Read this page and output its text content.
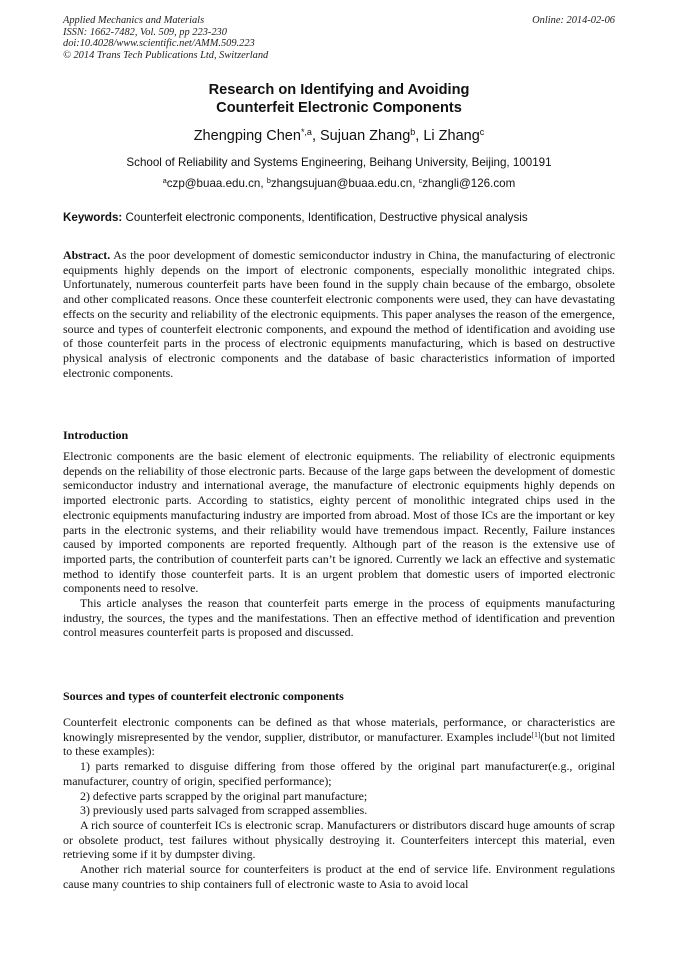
Applied Mechanics and Materials
ISSN: 1662-7482, Vol. 509, pp 223-230
doi:10.4028/www.scientific.net/AMM.509.223
© 2014 Trans Tech Publications Ltd, Switzerland
Online: 2014-02-06
Research on Identifying and Avoiding
Counterfeit Electronic Components
Zhengping Chen$^{*,a}$, Sujuan Zhang$^b$, Li Zhang$^c$
School of Reliability and Systems Engineering, Beihang University, Beijing, 100191
$^a$czp@buaa.edu.cn, $^b$zhangsujuan@buaa.edu.cn, $^c$zhangli@126.com
Keywords: Counterfeit electronic components, Identification, Destructive physical analysis

Abstract. As the poor development of domestic semiconductor industry in China, the manufacturing of electronic equipments highly depends on the import of electronic components, especially monolithic integrated chips. Unfortunately, numerous counterfeit parts have been found in the supply chain because of the embargo, obsolete and other complicated reasons. Once these counterfeit electronic components were used, they can have devastating effects on the security and reliability of the electronic equipments. This paper analyses the reason of the emergence, source and types of counterfeit electronic components, and expound the method of identification and avoiding use of those counterfeit parts in the process of electronic equipments manufacturing, which is based on destructive physical analysis of electronic components and the database of basic characteristics information of imported electronic components.

Introduction

Electronic components are the basic element of electronic equipments. The reliability of electronic equipments depends on the reliability of those electronic parts. Because of the large gaps between the development of domestic semiconductor industry and international average, the manufacture of electronic equipments highly depends on imported electronic parts. According to statistics, eighty percent of monolithic integrated chips used in the electronic equipments manufacturing industry are imported from abroad. Most of those ICs are the important or key parts in the electronic systems, and their reliability would have tremendous impact. Recently, Failure instances caused by imported components are reported frequently. Although part of the reason is the extensive use of imported parts, the contribution of counterfeit parts can’t be ignored. Currently we lack an effective and systematic method to identify those counterfeit parts. It is an urgent problem that domestic users of imported electronic components need to resolve.

This article analyses the reason that counterfeit parts emerge in the process of equipments manufacturing industry, the sources, the types and the manifestations. Then an effective method of identification and prevention control measures counterfeit parts is proposed and discussed.

Sources and types of counterfeit electronic components

Counterfeit electronic components can be defined as that whose materials, performance, or characteristics are knowingly misrepresented by the vendor, supplier, distributor, or manufacturer. Examples include[1](but not limited to these examples):

1) parts remarked to disguise differing from those offered by the original part manufacturer(e.g., original manufacturer, country of origin, specified performance);

2) defective parts scrapped by the original part manufacture;

3) previously used parts salvaged from scrapped assemblies.

A rich source of counterfeit ICs is electronic scrap. Manufacturers or distributors discard huge amounts of scrap or obsolete product, test failures without physically destroying it. Counterfeiters intercept this material, even retrieving some if it by dumpster diving.

Another rich material source for counterfeiters is product at the end of service life. Environment regulations cause many countries to ship containers full of electronic waste to Asia to avoid local
